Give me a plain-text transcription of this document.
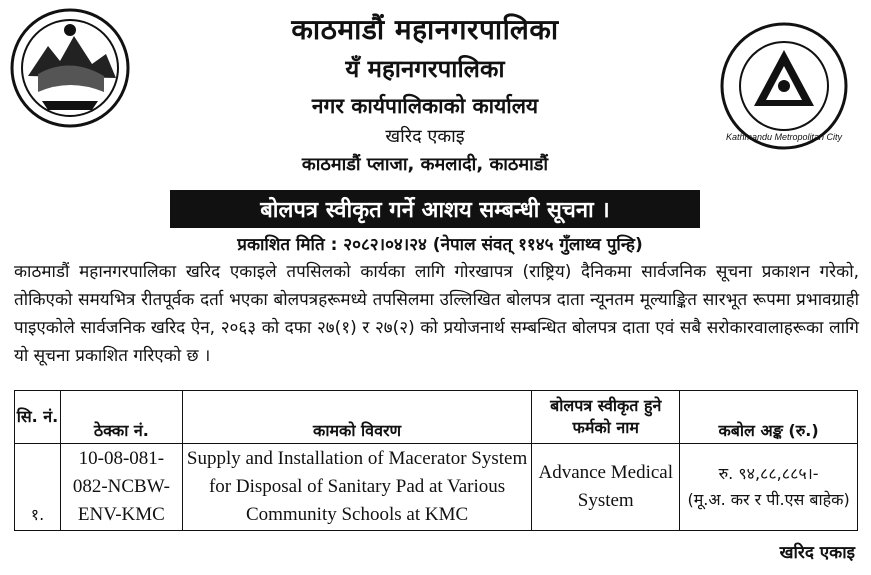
Kathmandu Metropolitan City
काठमाडौं महानगरपालिका
यँ महानगरपालिका
नगर कार्यपालिकाको कार्यालय
खरिद एकाइ
काठमाडौं प्लाजा, कमलादी, काठमाडौं
बोलपत्र स्वीकृत गर्ने आशय सम्बन्धी सूचना ।
प्रकाशित मिति : २०८२।०४।२४ (नेपाल संवत् ११४५ गुँलाथ्व पुन्हि)
काठमाडौं महानगरपालिका खरिद एकाइले तपसिलको कार्यका लागि गोरखापत्र (राष्ट्रिय) दैनिकमा सार्वजनिक सूचना प्रकाशन गरेको, तोकिएको समयभित्र रीतपूर्वक दर्ता भएका बोलपत्रहरूमध्ये तपसिलमा उल्लिखित बोलपत्र दाता न्यूनतम मूल्याङ्कित सारभूत रूपमा प्रभावग्राही पाइएकोले सार्वजनिक खरिद ऐन, २०६३ को दफा २७(१) र २७(२) को प्रयोजनार्थ सम्बन्धित बोलपत्र दाता एवं सबै सरोकारवालाहरूका लागि यो सूचना प्रकाशित गरिएको छ ।
सि. नं.	ठेक्का नं.	कामको विवरण	बोलपत्र स्वीकृत हुने फर्मको नाम	कबोल अङ्क (रु.)
१.	10-08-081-082-NCBW-ENV-KMC	Supply and Installation of Macerator System for Disposal of Sanitary Pad at Various Community Schools at KMC	Advance Medical System	रु. ९४,८८,८८५।-
(मू.अ. कर र पी.एस बाहेक)
खरिद एकाइ
